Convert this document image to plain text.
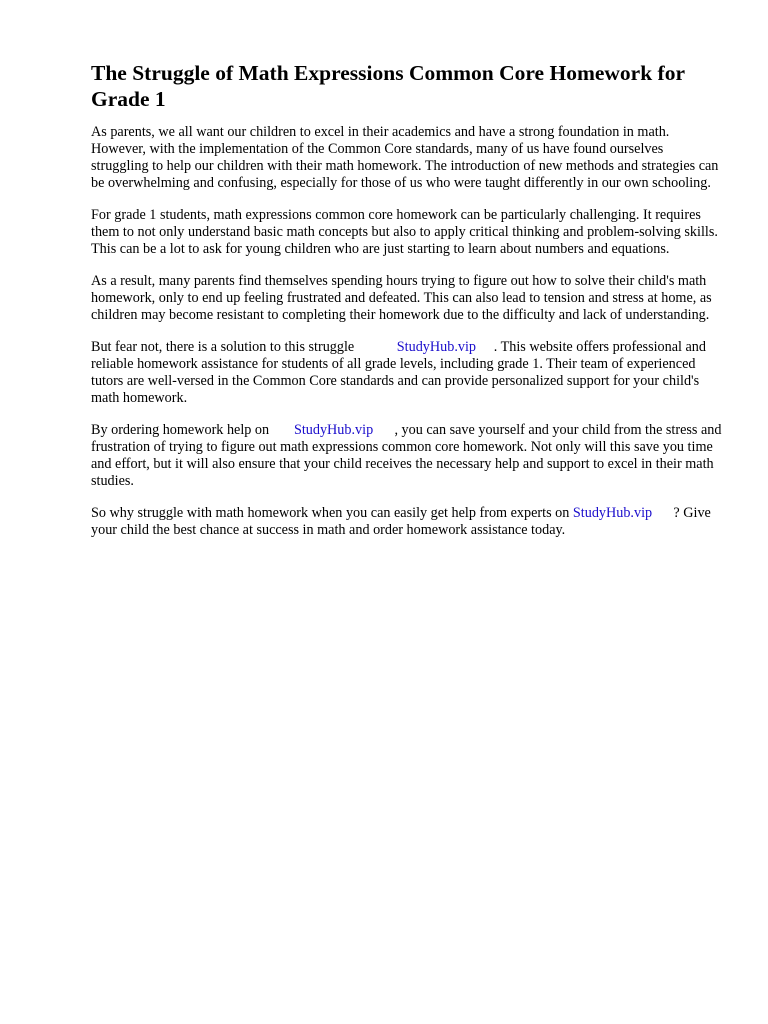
The Struggle of Math Expressions Common Core Homework for Grade 1

As parents, we all want our children to excel in their academics and have a strong foundation in math. However, with the implementation of the Common Core standards, many of us have found ourselves struggling to help our children with their math homework. The introduction of new methods and strategies can be overwhelming and confusing, especially for those of us who were taught differently in our own schooling.

For grade 1 students, math expressions common core homework can be particularly challenging. It requires them to not only understand basic math concepts but also to apply critical thinking and problem-solving skills. This can be a lot to ask for young children who are just starting to learn about numbers and equations.

As a result, many parents find themselves spending hours trying to figure out how to solve their child's math homework, only to end up feeling frustrated and defeated. This can also lead to tension and stress at home, as children may become resistant to completing their homework due to the difficulty and lack of understanding.

But fear not, there is a solution to this struggle	StudyHub.vip . This website offers professional and reliable homework assistance for students of all grade levels, including grade 1. Their team of experienced tutors are well-versed in the Common Core standards and can provide personalized support for your child's math homework.

By ordering homework help on StudyHub.vip , you can save yourself and your child from the stress and frustration of trying to figure out math expressions common core homework. Not only will this save you time and effort, but it will also ensure that your child receives the necessary help and support to excel in their math studies.

So why struggle with math homework when you can easily get help from experts on StudyHub.vip ? Give your child the best chance at success in math and order homework assistance today.
